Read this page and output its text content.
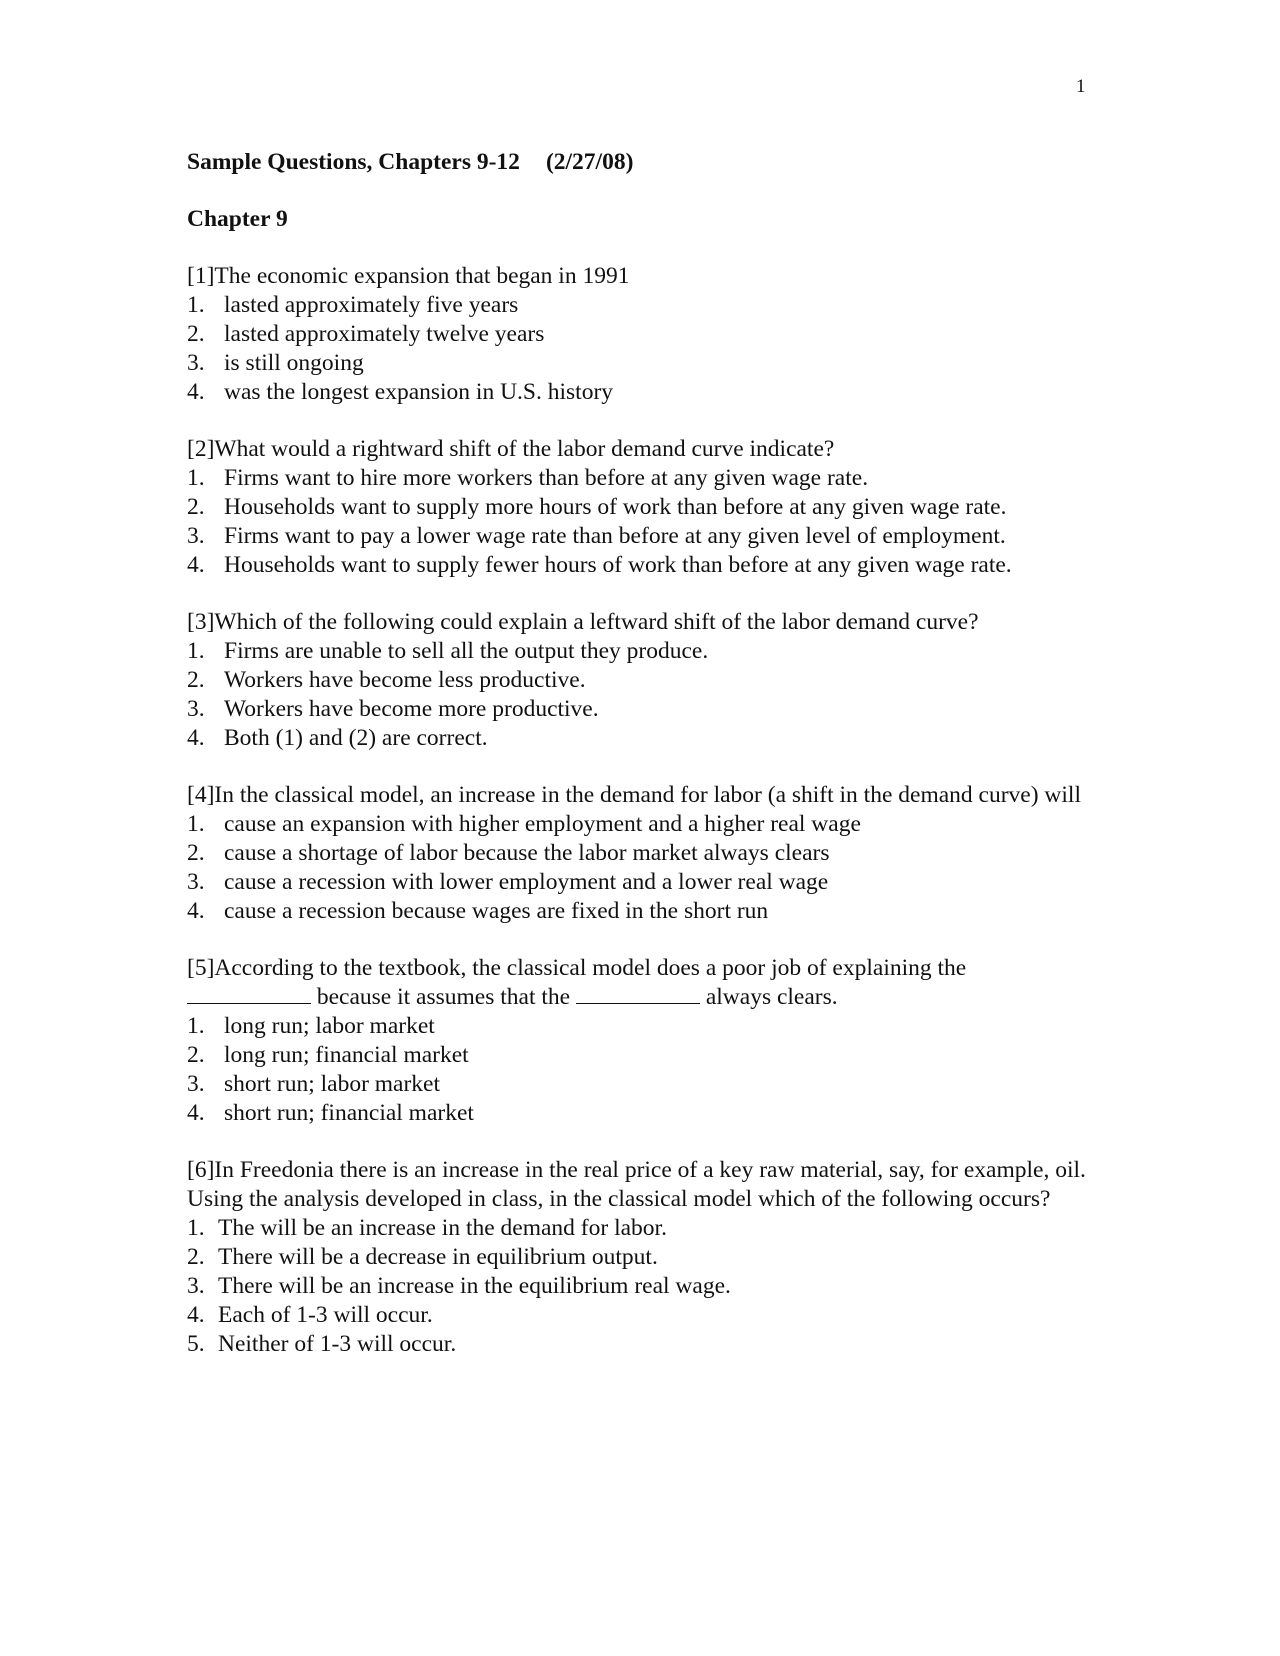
1
Sample Questions, Chapters 9-12 (2/27/08)
Chapter 9
[1]The economic expansion that began in 1991
1. lasted approximately five years
2. lasted approximately twelve years
3. is still ongoing
4. was the longest expansion in U.S. history
[2]What would a rightward shift of the labor demand curve indicate?
1. Firms want to hire more workers than before at any given wage rate.
2. Households want to supply more hours of work than before at any given wage rate.
3. Firms want to pay a lower wage rate than before at any given level of employment.
4. Households want to supply fewer hours of work than before at any given wage rate.
[3]Which of the following could explain a leftward shift of the labor demand curve?
1. Firms are unable to sell all the output they produce.
2. Workers have become less productive.
3. Workers have become more productive.
4. Both (1) and (2) are correct.
[4]In the classical model, an increase in the demand for labor (a shift in the demand curve) will
1. cause an expansion with higher employment and a higher real wage
2. cause a shortage of labor because the labor market always clears
3. cause a recession with lower employment and a lower real wage
4. cause a recession because wages are fixed in the short run
[5]According to the textbook, the classical model does a poor job of explaining the
because it assumes that the	always clears.
1. long run; labor market
2. long run; financial market
3. short run; labor market
4. short run; financial market
[6]In Freedonia there is an increase in the real price of a key raw material, say, for example, oil. Using the analysis developed in class, in the classical model which of the following occurs?
1. The will be an increase in the demand for labor.
2. There will be a decrease in equilibrium output.
3. There will be an increase in the equilibrium real wage.
4. Each of 1-3 will occur.
5. Neither of 1-3 will occur.
